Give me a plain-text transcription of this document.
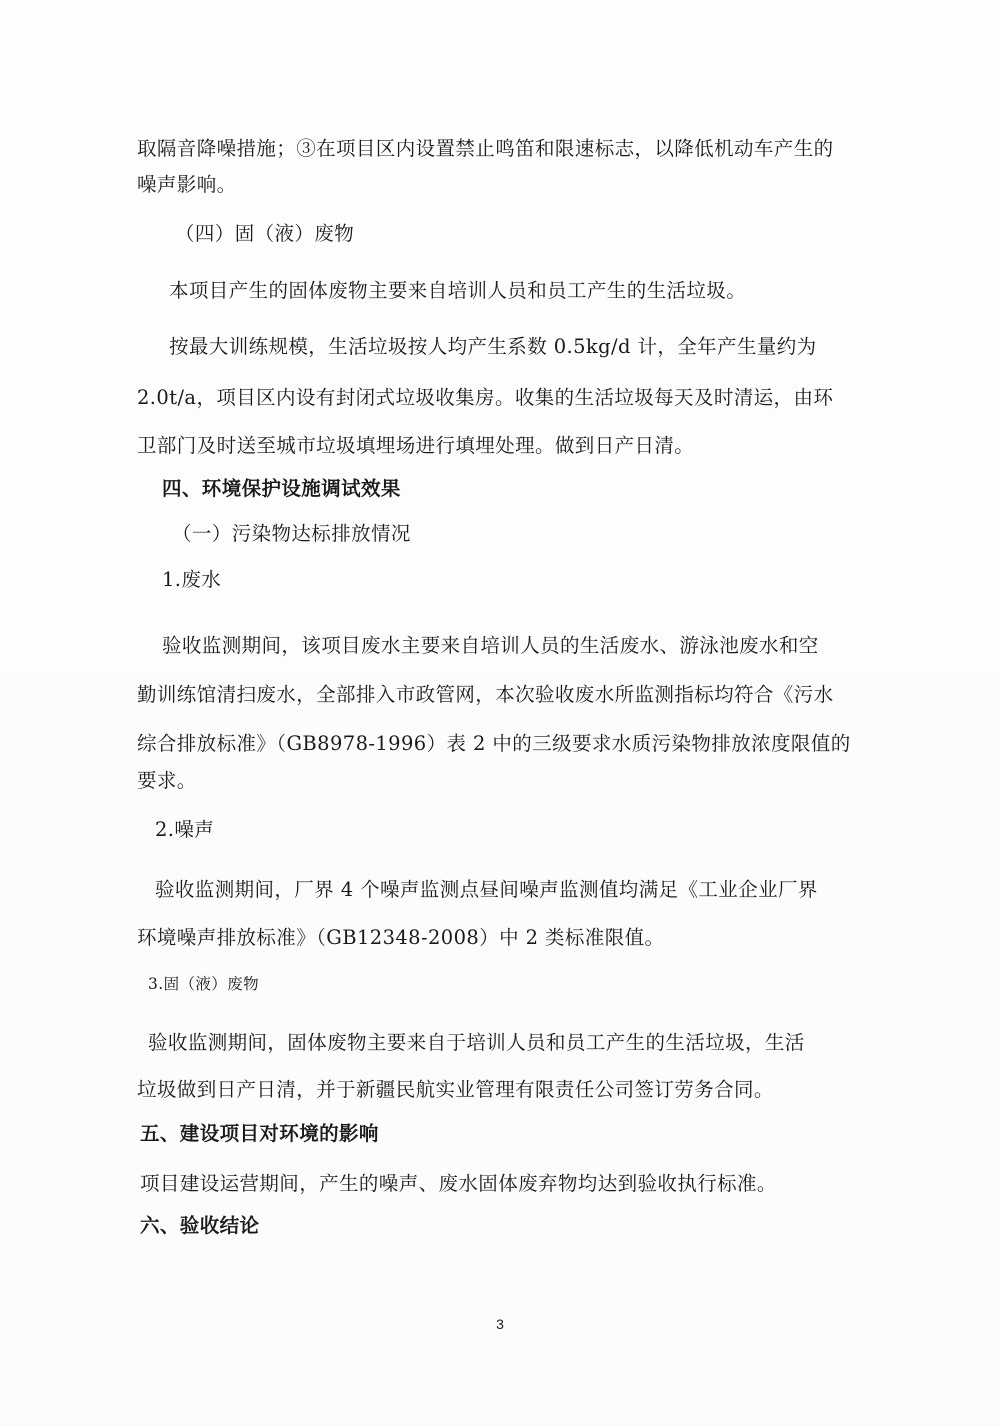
取隔音降噪措施；③在项目区内设置禁止鸣笛和限速标志，以降低机动车产生的
噪声影响。
（四）固（液）废物
本项目产生的固体废物主要来自培训人员和员工产生的生活垃圾。
按最大训练规模，生活垃圾按人均产生系数 0.5kg/d 计，全年产生量约为
2.0t/a，项目区内设有封闭式垃圾收集房。收集的生活垃圾每天及时清运，由环
卫部门及时送至城市垃圾填埋场进行填埋处理。做到日产日清。
四、环境保护设施调试效果
（一）污染物达标排放情况
1.废水
验收监测期间，该项目废水主要来自培训人员的生活废水、游泳池废水和空
勤训练馆清扫废水，全部排入市政管网，本次验收废水所监测指标均符合《污水
综合排放标准》（GB8978-1996）表 2 中的三级要求水质污染物排放浓度限值的
要求。
2.噪声
验收监测期间，厂界 4 个噪声监测点昼间噪声监测值均满足《工业企业厂界
环境噪声排放标准》（GB12348-2008）中 2 类标准限值。
3.固（液）废物
验收监测期间，固体废物主要来自于培训人员和员工产生的生活垃圾，生活
垃圾做到日产日清，并于新疆民航实业管理有限责任公司签订劳务合同。
五、建设项目对环境的影响
项目建设运营期间，产生的噪声、废水固体废弃物均达到验收执行标准。
六、验收结论
3
